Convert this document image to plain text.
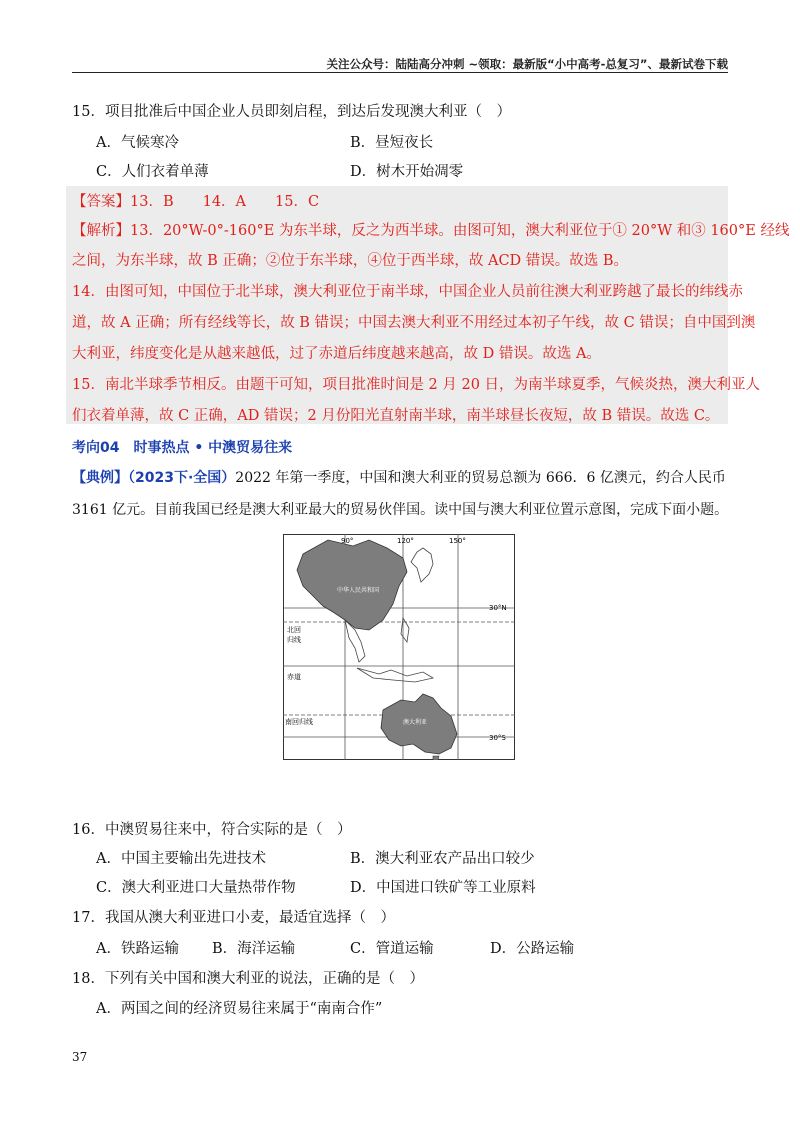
关注公众号：陆陆高分冲刺 ~领取：最新版“小中高考-总复习”、最新试卷下载
15．项目批准后中国企业人员即刻启程，到达后发现澳大利亚（　）
A．气候寒冷	B．昼短夜长
C．人们衣着单薄	D．树木开始凋零
【答案】13．B　　14．A　　15．C
【解析】13．20°W-0°-160°E 为东半球，反之为西半球。由图可知，澳大利亚位于① 20°W 和③ 160°E 经线
之间，为东半球，故 B 正确；②位于东半球，④位于西半球，故 ACD 错误。故选 B。
14．由图可知，中国位于北半球，澳大利亚位于南半球，中国企业人员前往澳大利亚跨越了最长的纬线赤
道，故 A 正确；所有经线等长，故 B 错误；中国去澳大利亚不用经过本初子午线，故 C 错误；自中国到澳
大利亚，纬度变化是从越来越低，过了赤道后纬度越来越高，故 D 错误。故选 A。
15．南北半球季节相反。由题干可知，项目批准时间是 2 月 20 日，为南半球夏季，气候炎热，澳大利亚人
们衣着单薄，故 C 正确，AD 错误；2 月份阳光直射南半球，南半球昼长夜短，故 B 错误。故选 C。
考向04　时事热点 • 中澳贸易往来
【典例】（2023下·全国）2022 年第一季度，中国和澳大利亚的贸易总额为 666．6 亿澳元，约合人民币
3161 亿元。目前我国已经是澳大利亚最大的贸易伙伴国。读中国与澳大利亚位置示意图，完成下面小题。
90°	120°	150°
30°N
30°S
北回
归线
赤道
南回归线
中华人民共和国
澳大利亚
16．中澳贸易往来中，符合实际的是（　）
A．中国主要输出先进技术	B．澳大利亚农产品出口较少
C．澳大利亚进口大量热带作物	D．中国进口铁矿等工业原料
17．我国从澳大利亚进口小麦，最适宜选择（　）
A．铁路运输 B．海洋运输	C．管道运输	D．公路运输
18．下列有关中国和澳大利亚的说法，正确的是（　）
A．两国之间的经济贸易往来属于“南南合作”
37
